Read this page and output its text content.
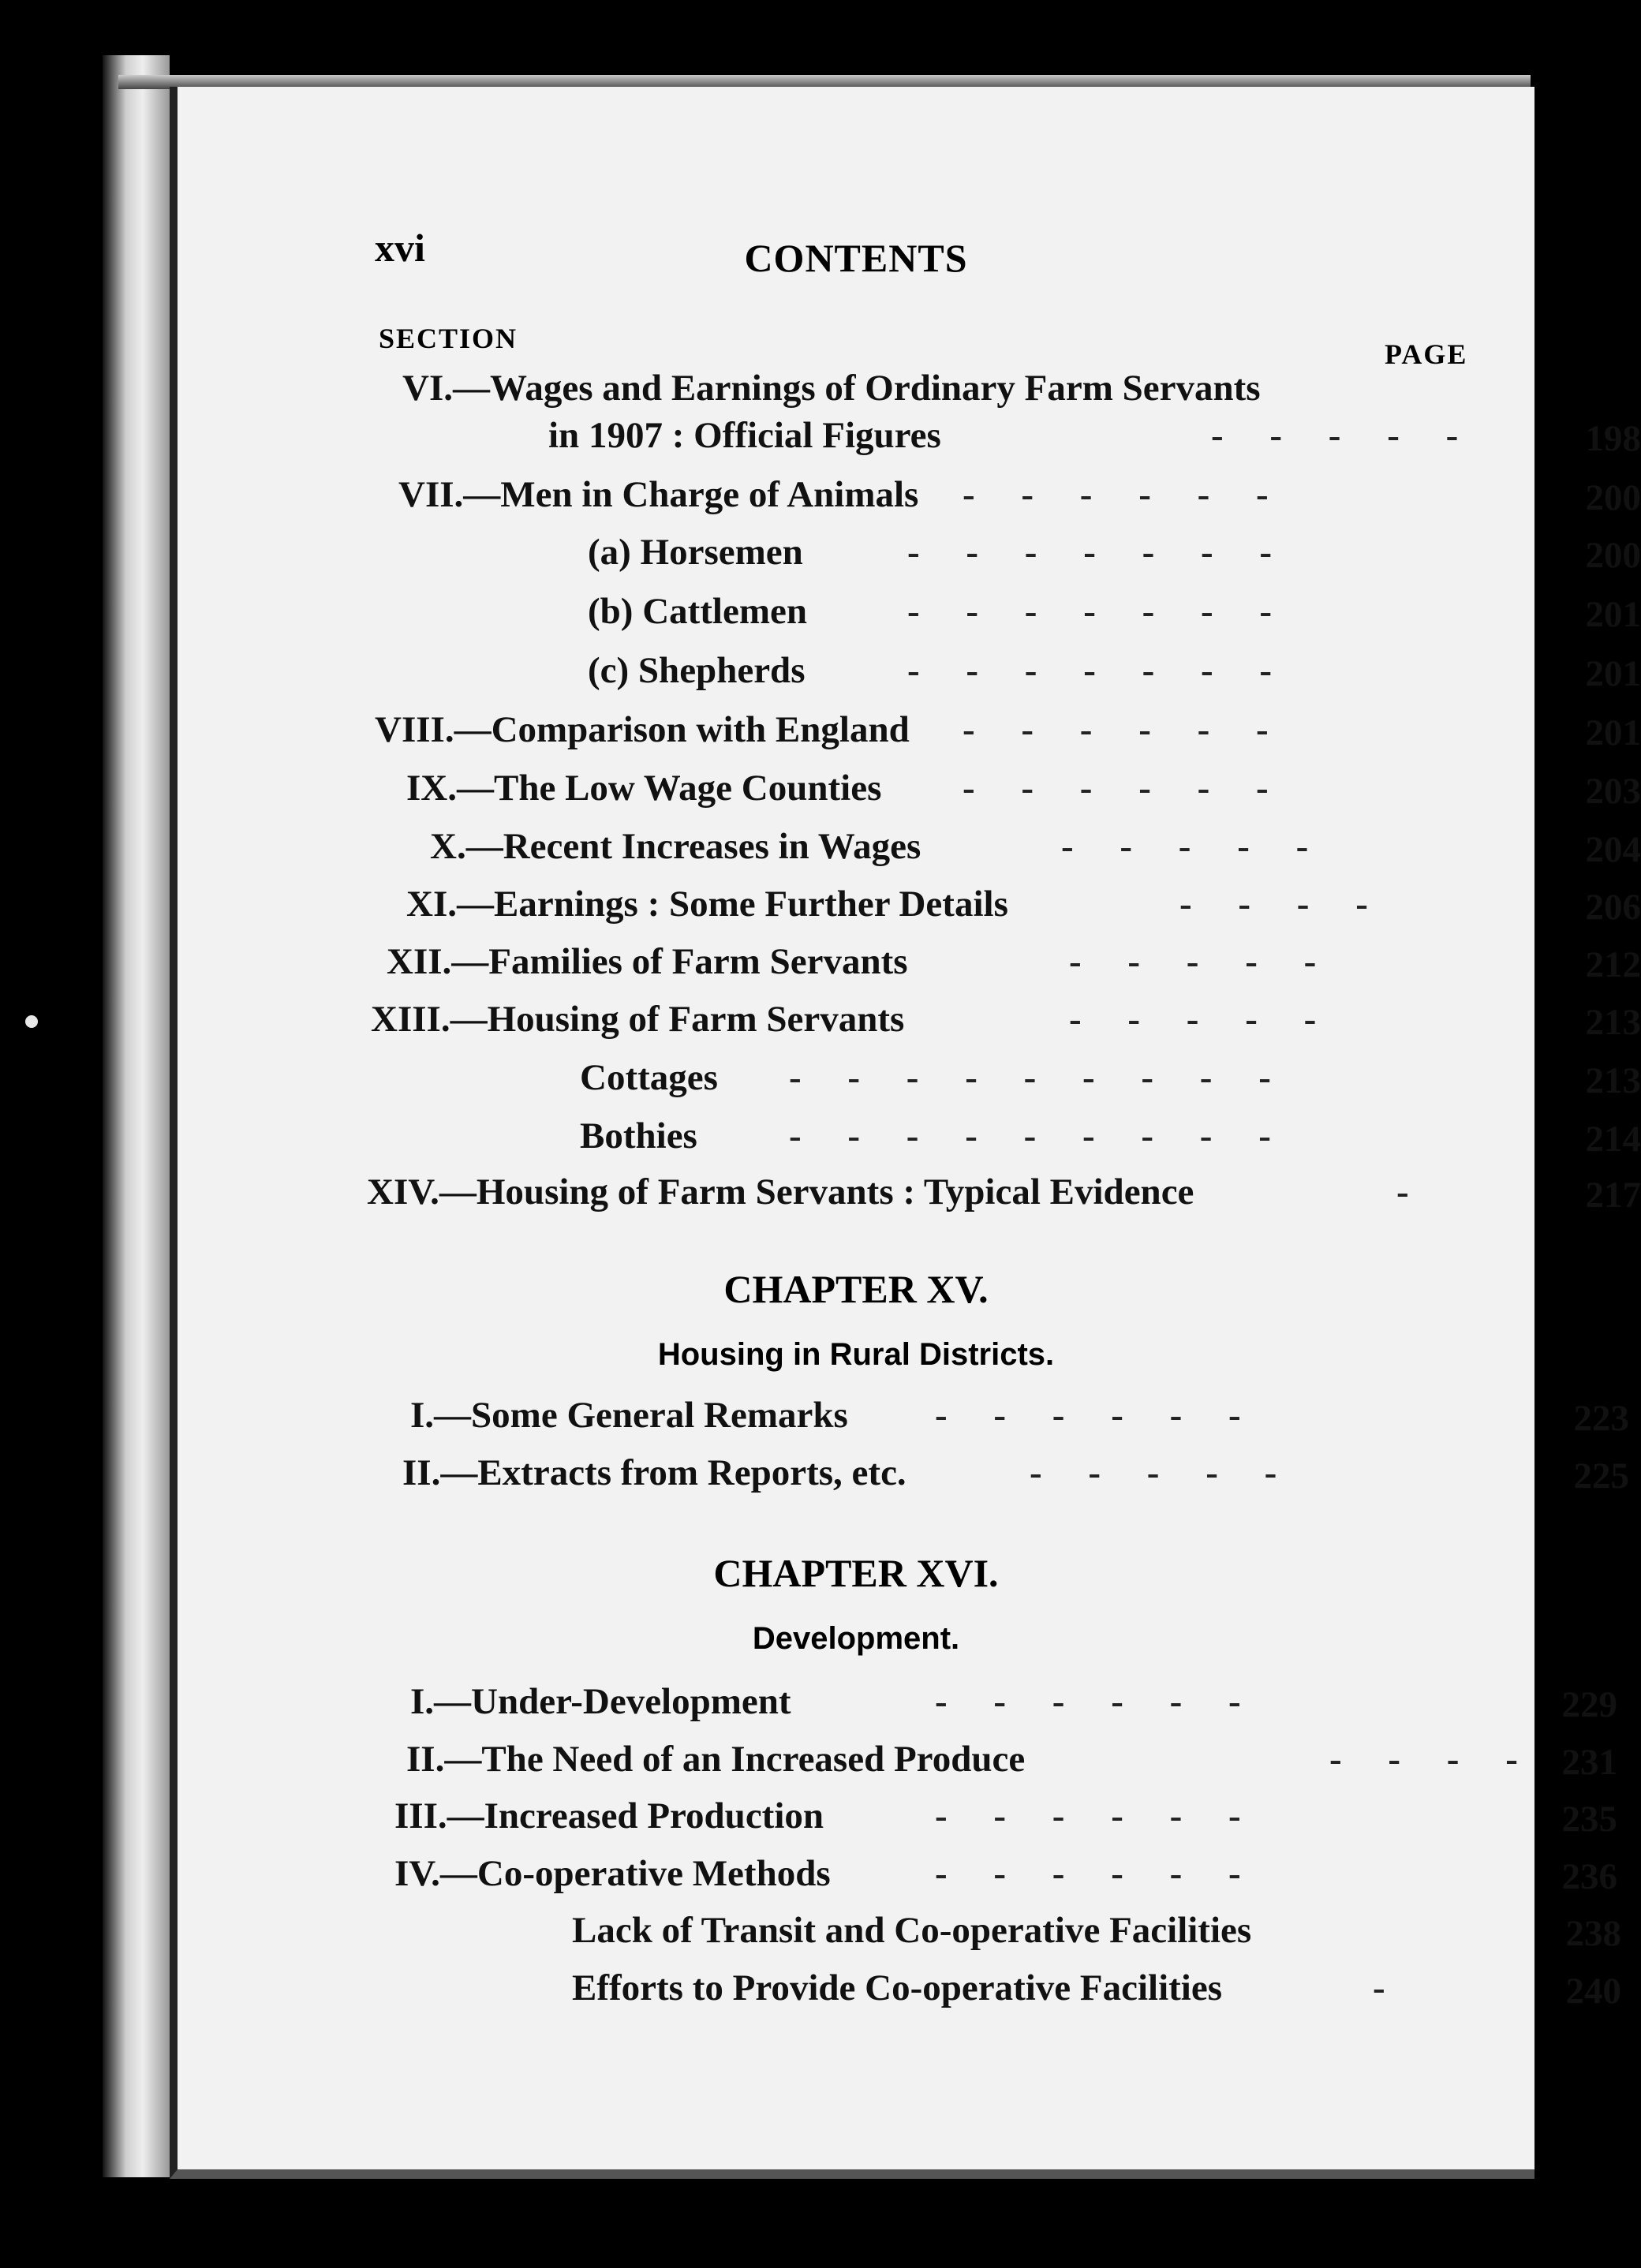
xvi	CONTENTS
SECTION	PAGE
VI.—Wages and Earnings of Ordinary Farm Servants
in 1907 : Official Figures	-     -     -     -     -	198
VII.—Men in Charge of Animals -     -     -     -     -     -	200
(a) Horsemen	-     -     -     -     -     -     -	200
(b) Cattlemen	-     -     -     -     -     -     -	201
(c) Shepherds	-     -     -     -     -     -     -	201
VIII.—Comparison with England -     -     -     -     -     -	201
IX.—The Low Wage Counties -     -     -     -     -     -	203
X.—Recent Increases in Wages	-     -     -     -     -	204
XI.—Earnings : Some Further Details	-     -     -     -	206
XII.—Families of Farm Servants	-     -     -     -     -	212
XIII.—Housing of Farm Servants	-     -     -     -     -	213
Cottages -     -     -     -     -     -     -     -     -	213
Bothies -     -     -     -     -     -     -     -     -	214
XIV.—Housing of Farm Servants : Typical Evidence	-	217
CHAPTER XV.
Housing in Rural Districts.
I.—Some General Remarks -     -     -     -     -     -	223
II.—Extracts from Reports, etc.	-     -     -     -     -	225
CHAPTER XVI.
Development.
I.—Under-Development	-     -     -     -     -     -	229
II.—The Need of an Increased Produce	-     -     -     -	231
III.—Increased Production	-     -     -     -     -     -	235
IV.—Co-operative Methods	-     -     -     -     -     -	236
Lack of Transit and Co-operative Facilities	238
Efforts to Provide Co-operative Facilities	-	240
